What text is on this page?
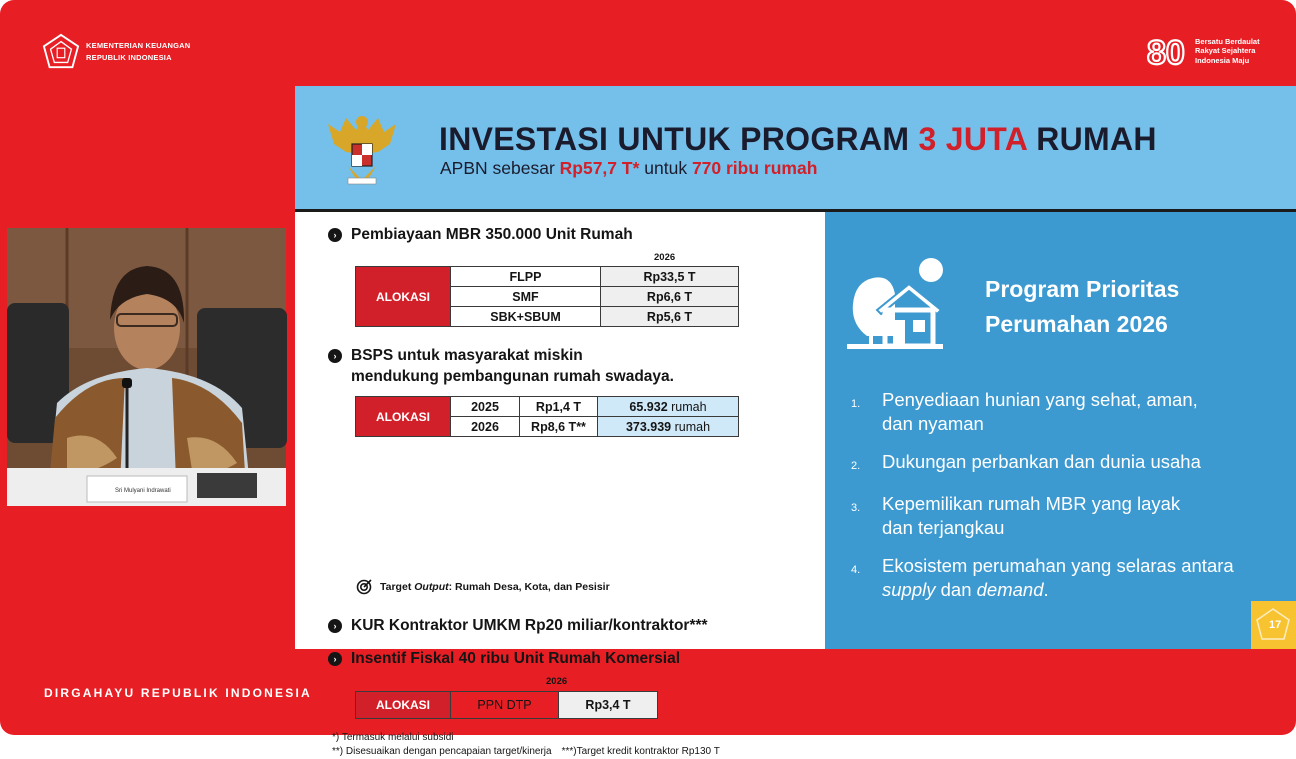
KEMENTERIAN KEUANGAN
REPUBLIK INDONESIA	80 Bersatu Berdaulat
Rakyat Sejahtera
Indonesia Maju
Sri Mulyani Indrawati
INVESTASI UNTUK PROGRAM 3 JUTA RUMAH
APBN sebesar Rp57,7 T* untuk 770 ribu rumah
› Pembiayaan MBR 350.000 Unit Rumah
2026
ALOKASI	FLPP	Rp33,5 T
	SMF	Rp6,6 T
	SBK+SBUM	Rp5,6 T
› BSPS untuk masyarakat miskin
mendukung pembangunan rumah swadaya.
ALOKASI	2025	Rp1,4 T	65.932 rumah
	2026	Rp8,6 T**	373.939 rumah
Target Output: Rumah Desa, Kota, dan Pesisir
› KUR Kontraktor UMKM Rp20 miliar/kontraktor***
› Insentif Fiskal 40 ribu Unit Rumah Komersial
2026
ALOKASI	PPN DTP	Rp3,4 T
*) Termasuk melalui subsidi
**) Disesuaikan dengan pencapaian target/kinerja ***)Target kredit kontraktor Rp130 T
Program Prioritas
Perumahan 2026
1.	Penyediaan hunian yang sehat, aman,
dan nyaman
2.	Dukungan perbankan dan dunia usaha
3.	Kepemilikan rumah MBR yang layak
dan terjangkau
4.	Ekosistem perumahan yang selaras antara
supply dan demand.
17
DIRGAHAYU REPUBLIK INDONESIA
